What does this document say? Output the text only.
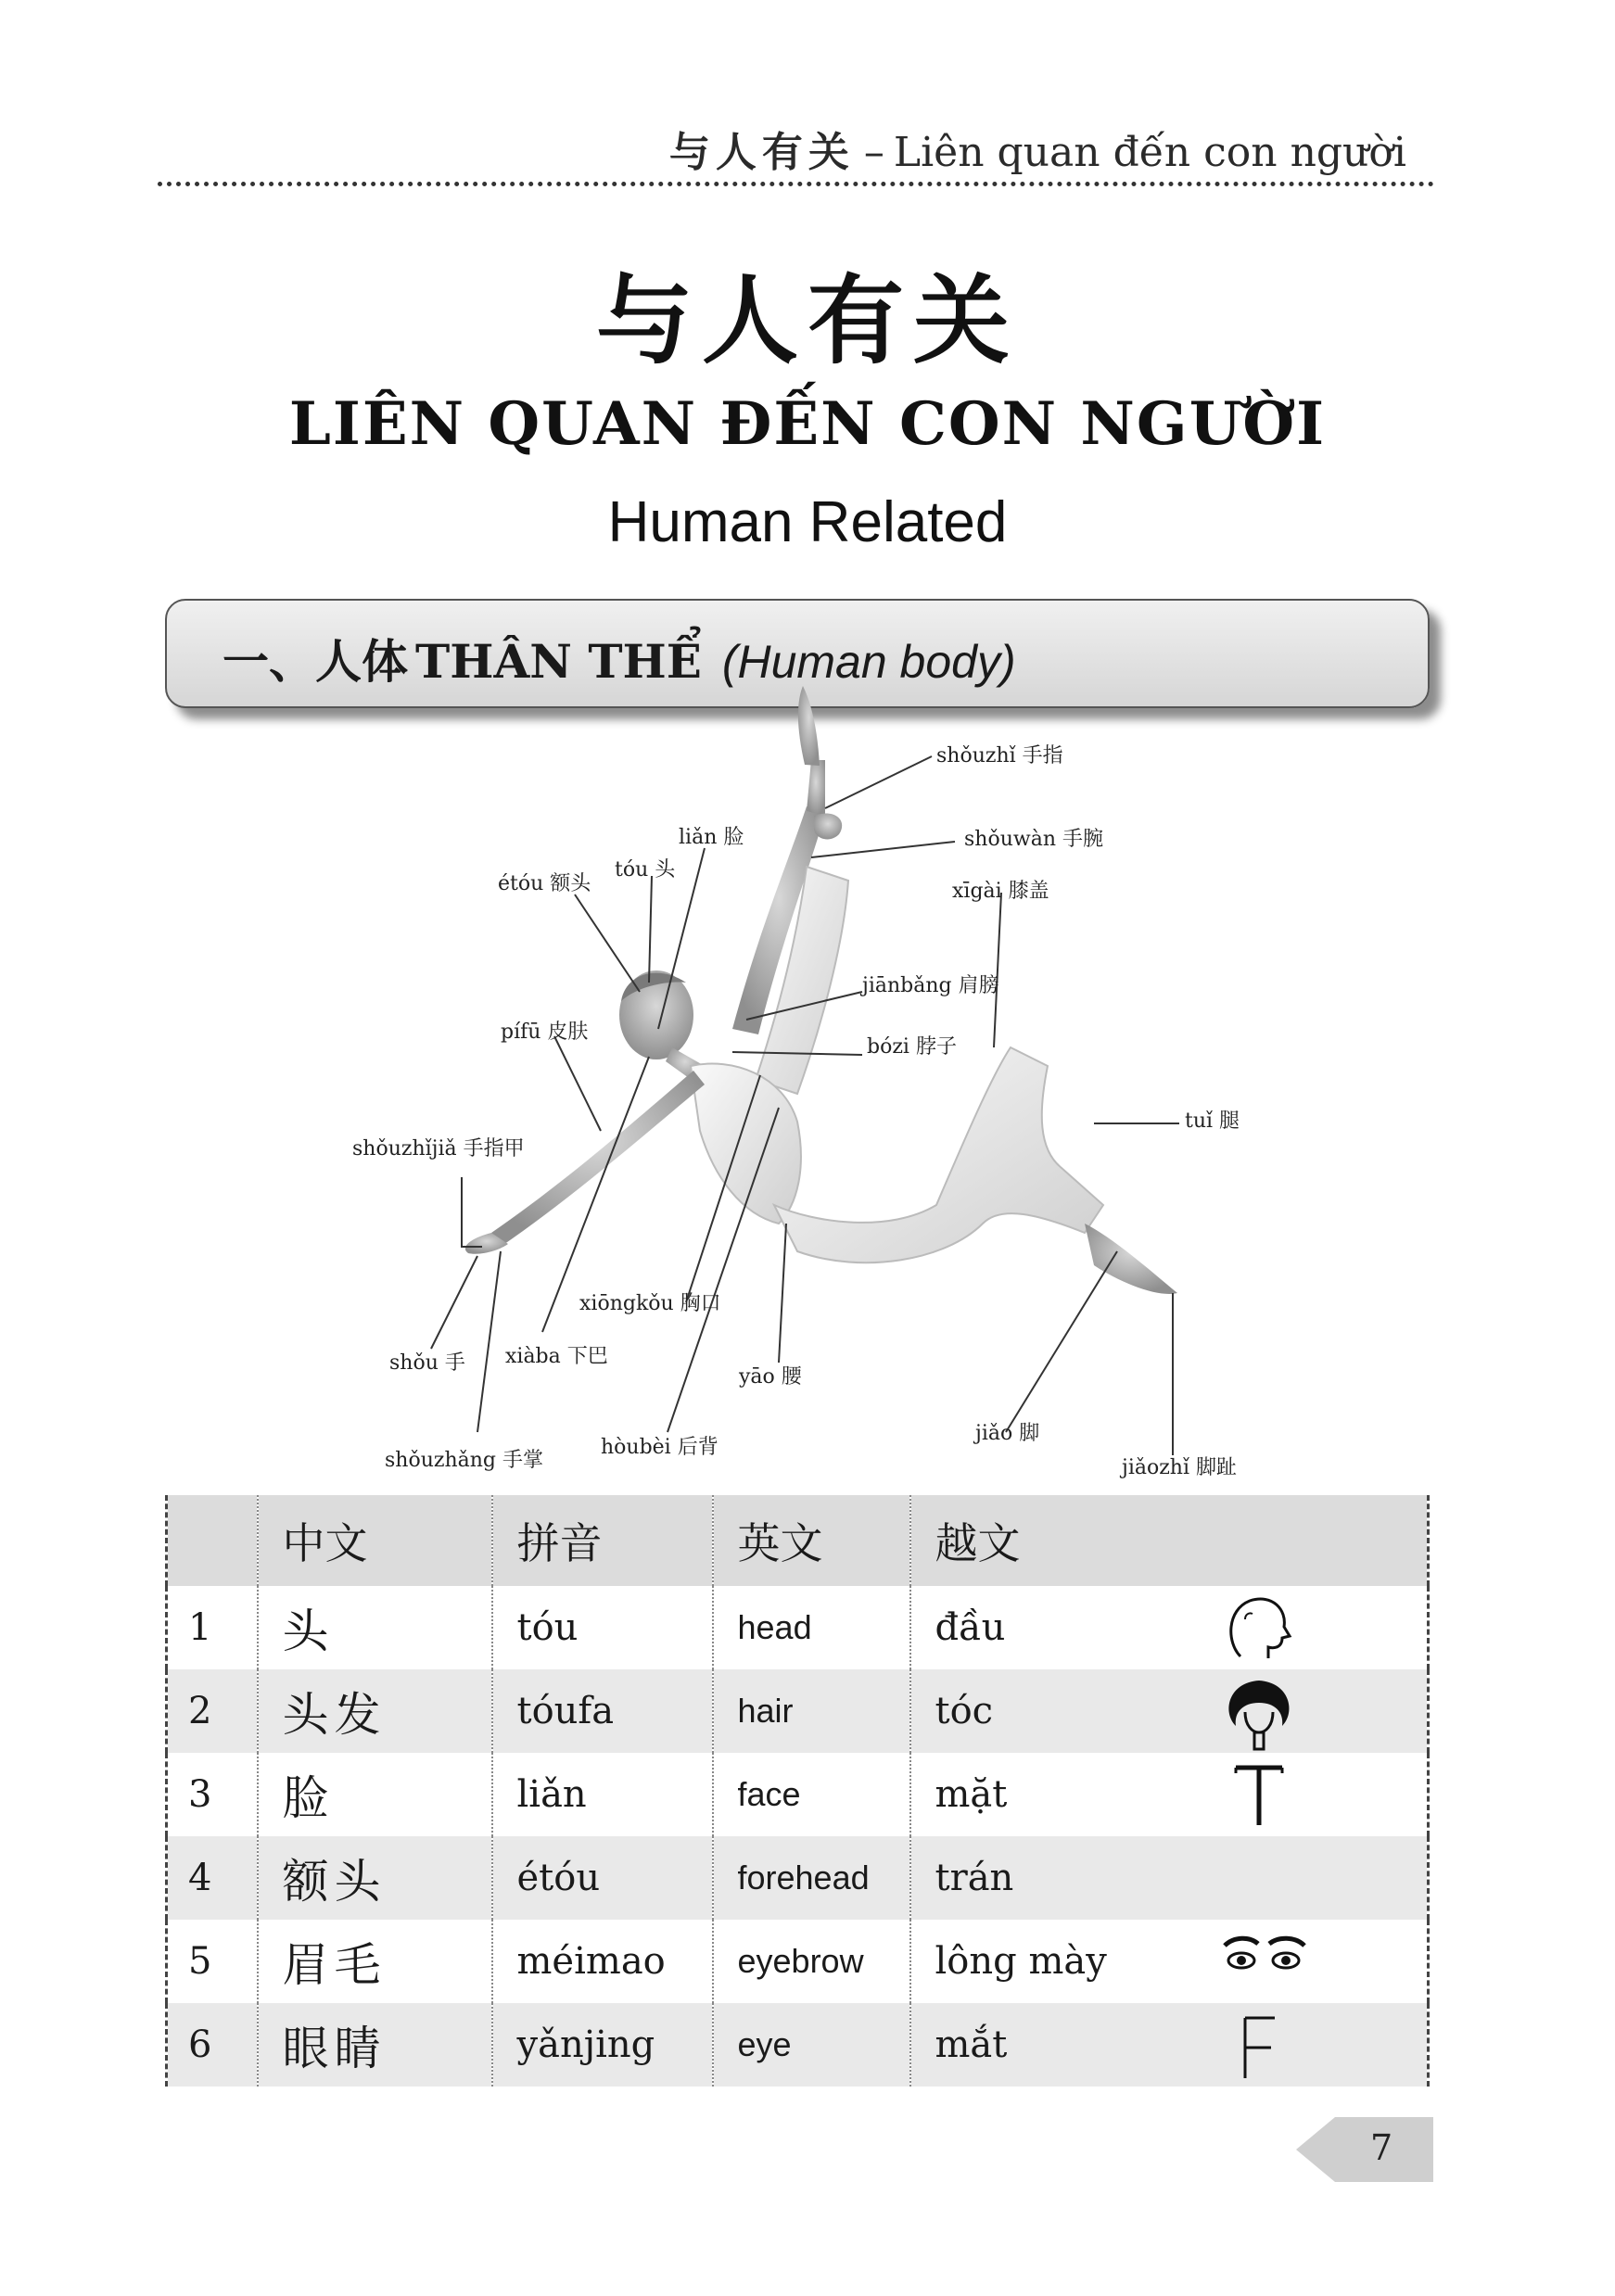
与人有关 – Liên quan đến con người
与人有关
LIÊN QUAN ĐẾN CON NGƯỜI
Human Related
一、人体 THÂN THỂ (Human body)
shǒuzhǐ 手指
shǒuwàn 手腕
xīgài 膝盖
liǎn 脸
tóu 头
étóu 额头
jiānbǎng 肩膀
bózi 脖子
pífū 皮肤
tuǐ 腿
shǒuzhǐjiǎ 手指甲
xiōngkǒu 胸口
shǒu 手 xiàba 下巴
yāo 腰
jiǎo 脚
shǒuzhǎng 手掌
hòubèi 后背
jiǎozhǐ 脚趾
	中文	拼音	英文	越文
1	头	tóu	head	đầu

2	头发	tóufa	hair	tóc

3	脸	liǎn	face	mặt

4	额头	étóu	forehead	trán
5	眉毛	méimao	eyebrow	lông mày

6	眼睛	yǎnjing	eye	mắt
7
